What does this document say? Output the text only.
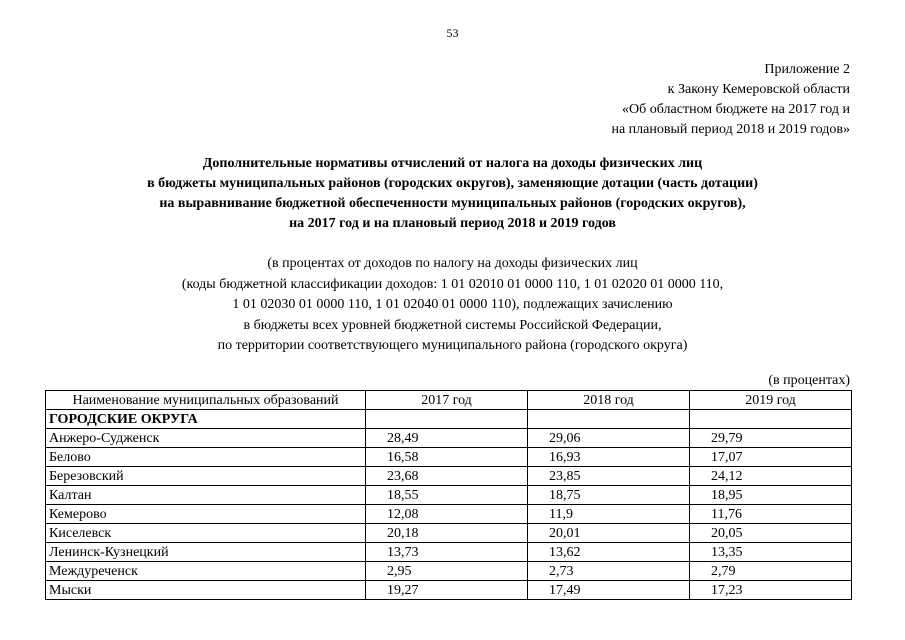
53
Приложение 2
к Закону Кемеровской области
«Об областном бюджете на 2017 год и
на плановый период 2018 и 2019 годов»
Дополнительные нормативы отчислений от налога на доходы физических лиц
в бюджеты муниципальных районов (городских округов), заменяющие дотации (часть дотации)
на выравнивание бюджетной обеспеченности муниципальных районов (городских округов),
на 2017 год и на плановый период 2018 и 2019 годов
(в процентах от доходов по налогу на доходы физических лиц
(коды бюджетной классификации доходов: 1 01 02010 01 0000 110, 1 01 02020 01 0000 110,
1 01 02030 01 0000 110, 1 01 02040 01 0000 110), подлежащих зачислению
в бюджеты всех уровней бюджетной системы Российской Федерации,
по территории соответствующего муниципального района (городского округа)
(в процентах)
Наименование муниципальных образований	2017 год	2018 год	2019 год
ГОРОДСКИЕ ОКРУГА			
Анжеро-Судженск	28,49	29,06	29,79
Белово	16,58	16,93	17,07
Березовский	23,68	23,85	24,12
Калтан	18,55	18,75	18,95
Кемерово	12,08	11,9	11,76
Киселевск	20,18	20,01	20,05
Ленинск-Кузнецкий	13,73	13,62	13,35
Междуреченск	2,95	2,73	2,79
Мыски	19,27	17,49	17,23
